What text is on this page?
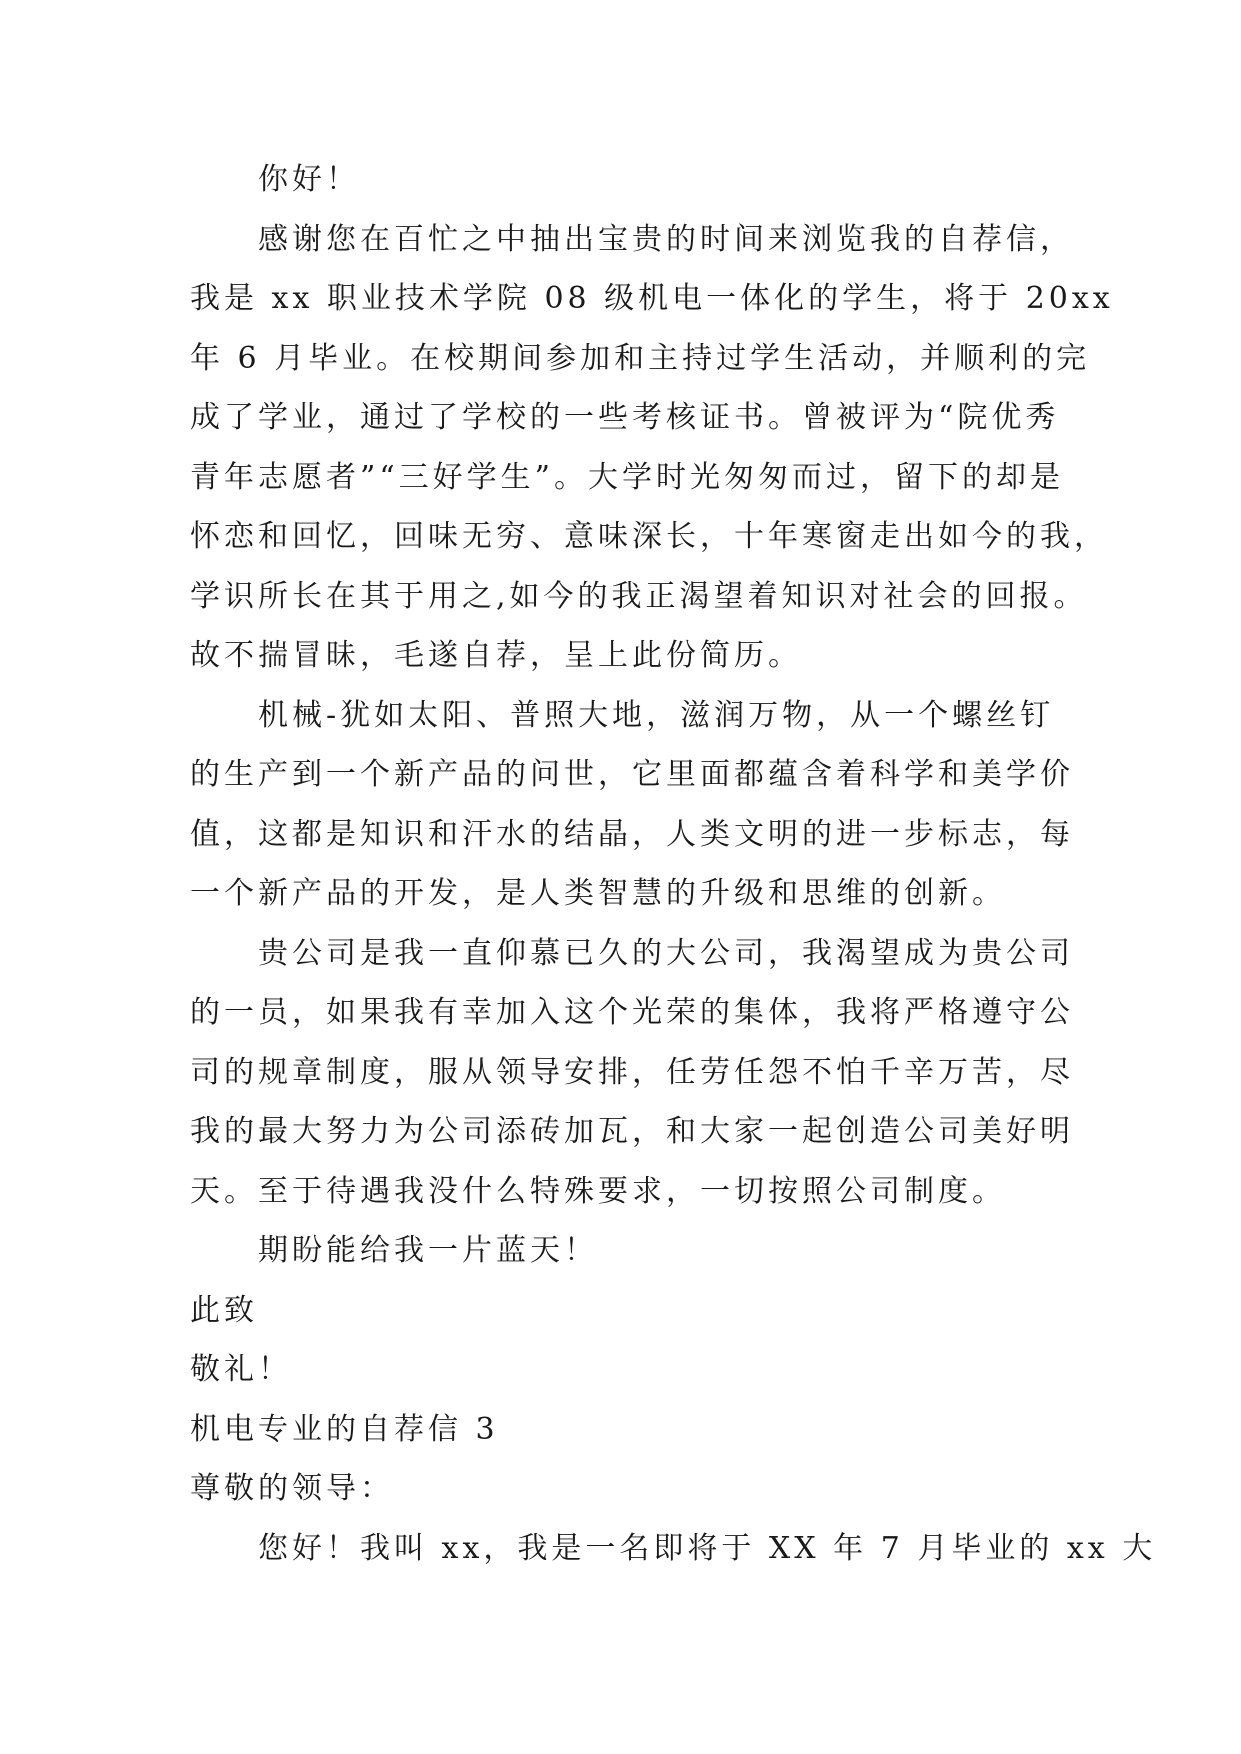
你好！
感谢您在百忙之中抽出宝贵的时间来浏览我的自荐信，
我是 xx 职业技术学院 08 级机电一体化的学生，将于 20xx
年 6 月毕业。在校期间参加和主持过学生活动，并顺利的完
成了学业，通过了学校的一些考核证书。曾被评为“院优秀
青年志愿者”“三好学生”。大学时光匆匆而过，留下的却是
怀恋和回忆，回味无穷、意味深长，十年寒窗走出如今的我，
学识所长在其于用之,如今的我正渴望着知识对社会的回报。
故不揣冒昧，毛遂自荐，呈上此份简历。
机械-犹如太阳、普照大地，滋润万物，从一个螺丝钉
的生产到一个新产品的问世，它里面都蕴含着科学和美学价
值，这都是知识和汗水的结晶，人类文明的进一步标志，每
一个新产品的开发，是人类智慧的升级和思维的创新。
贵公司是我一直仰慕已久的大公司，我渴望成为贵公司
的一员，如果我有幸加入这个光荣的集体，我将严格遵守公
司的规章制度，服从领导安排，任劳任怨不怕千辛万苦，尽
我的最大努力为公司添砖加瓦，和大家一起创造公司美好明
天。至于待遇我没什么特殊要求，一切按照公司制度。
期盼能给我一片蓝天！
此致
敬礼！
机电专业的自荐信 3
尊敬的领导：
您好！我叫 xx，我是一名即将于 XX 年 7 月毕业的 xx 大
